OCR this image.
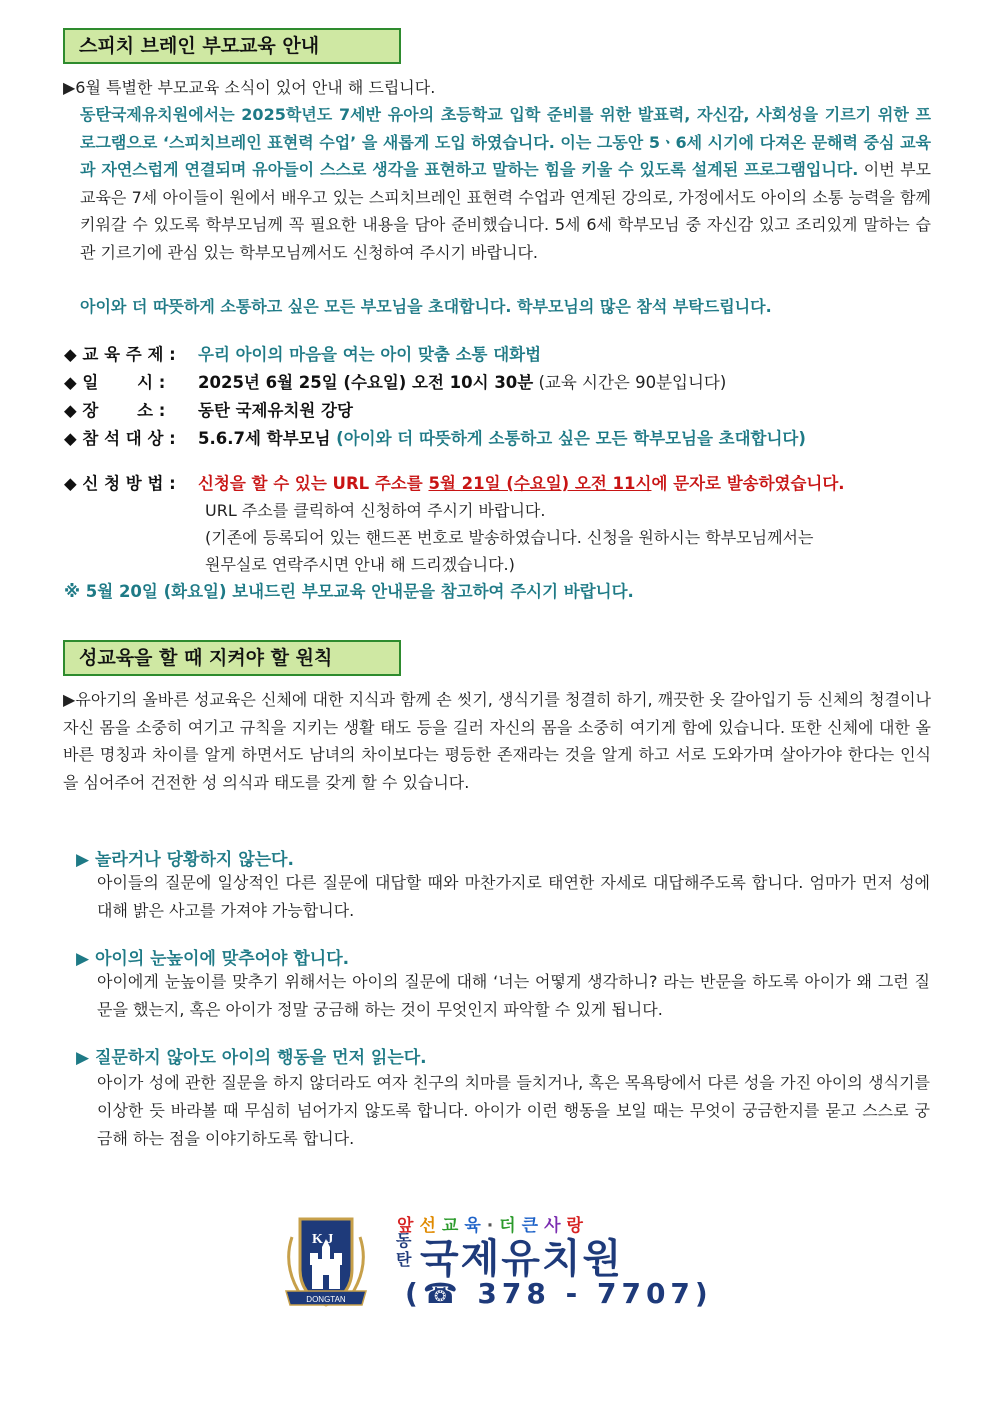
스피치 브레인 부모교육 안내
▶6월 특별한 부모교육 소식이 있어 안내 해 드립니다.
동탄국제유치원에서는 2025학년도 7세반 유아의 초등학교 입학 준비를 위한 발표력, 자신감, 사회성을 기르기 위한 프로그램으로 ‘스피치브레인 표현력 수업’ 을 새롭게 도입 하였습니다. 이는 그동안 5ㆍ6세 시기에 다져온 문해력 중심 교육과 자연스럽게 연결되며 유아들이 스스로 생각을 표현하고 말하는 힘을 키울 수 있도록 설계된 프로그램입니다. 이번 부모교육은 7세 아이들이 원에서 배우고 있는 스피치브레인 표현력 수업과 연계된 강의로, 가정에서도 아이의 소통 능력을 함께 키워갈 수 있도록 학부모님께 꼭 필요한 내용을 담아 준비했습니다. 5세 6세 학부모님 중 자신감 있고 조리있게 말하는 습관 기르기에 관심 있는 학부모님께서도 신청하여 주시기 바랍니다.
아이와 더 따뜻하게 소통하고 싶은 모든 부모님을 초대합니다. 학부모님의 많은 참석 부탁드립니다.
◆ 교 육 주 제 : 우리 아이의 마음을 여는 아이 맞춤 소통 대화법
◆ 일 　　시 : 2025년 6월 25일 (수요일) 오전 10시 30분 (교육 시간은 90분입니다)
◆ 장 　　소 : 동탄 국제유치원 강당
◆ 참 석 대 상 : 5.6.7세 학부모님 (아이와 더 따뜻하게 소통하고 싶은 모든 학부모님을 초대합니다)
◆ 신 청 방 법 : 신청을 할 수 있는 URL 주소를 5월 21일 (수요일) 오전 11시에 문자로 발송하였습니다.
URL 주소를 클릭하여 신청하여 주시기 바랍니다.
(기존에 등록되어 있는 핸드폰 번호로 발송하였습니다. 신청을 원하시는 학부모님께서는
원무실로 연락주시면 안내 해 드리겠습니다.)
※ 5월 20일 (화요일) 보내드린 부모교육 안내문을 참고하여 주시기 바랍니다.
성교육을 할 때 지켜야 할 원칙
▶유아기의 올바른 성교육은 신체에 대한 지식과 함께 손 씻기, 생식기를 청결히 하기, 깨끗한 옷 갈아입기 등 신체의 청결이나 자신 몸을 소중히 여기고 규칙을 지키는 생활 태도 등을 길러 자신의 몸을 소중히 여기게 함에 있습니다. 또한 신체에 대한 올바른 명칭과 차이를 알게 하면서도 남녀의 차이보다는 평등한 존재라는 것을 알게 하고 서로 도와가며 살아가야 한다는 인식을 심어주어 건전한 성 의식과 태도를 갖게 할 수 있습니다.
▶ 놀라거나 당황하지 않는다.
아이들의 질문에 일상적인 다른 질문에 대답할 때와 마찬가지로 태연한 자세로 대답해주도록 합니다. 엄마가 먼저 성에 대해 밝은 사고를 가져야 가능합니다.
▶ 아이의 눈높이에 맞추어야 합니다.
아이에게 눈높이를 맞추기 위해서는 아이의 질문에 대해 ‘너는 어떻게 생각하니? 라는 반문을 하도록 아이가 왜 그런 질문을 했는지, 혹은 아이가 정말 궁금해 하는 것이 무엇인지 파악할 수 있게 됩니다.
▶ 질문하지 않아도 아이의 행동을 먼저 읽는다.
아이가 성에 관한 질문을 하지 않더라도 여자 친구의 치마를 들치거나, 혹은 목욕탕에서 다른 성을 가진 아이의 생식기를 이상한 듯 바라볼 때 무심히 넘어가지 않도록 합니다. 아이가 이런 행동을 보일 때는 무엇이 궁금한지를 묻고 스스로 궁금해 하는 점을 이야기하도록 합니다.
K J
DONGTAN
앞선교육·더큰사랑
동탄 국제유치원
(☎ 378 - 7707)
